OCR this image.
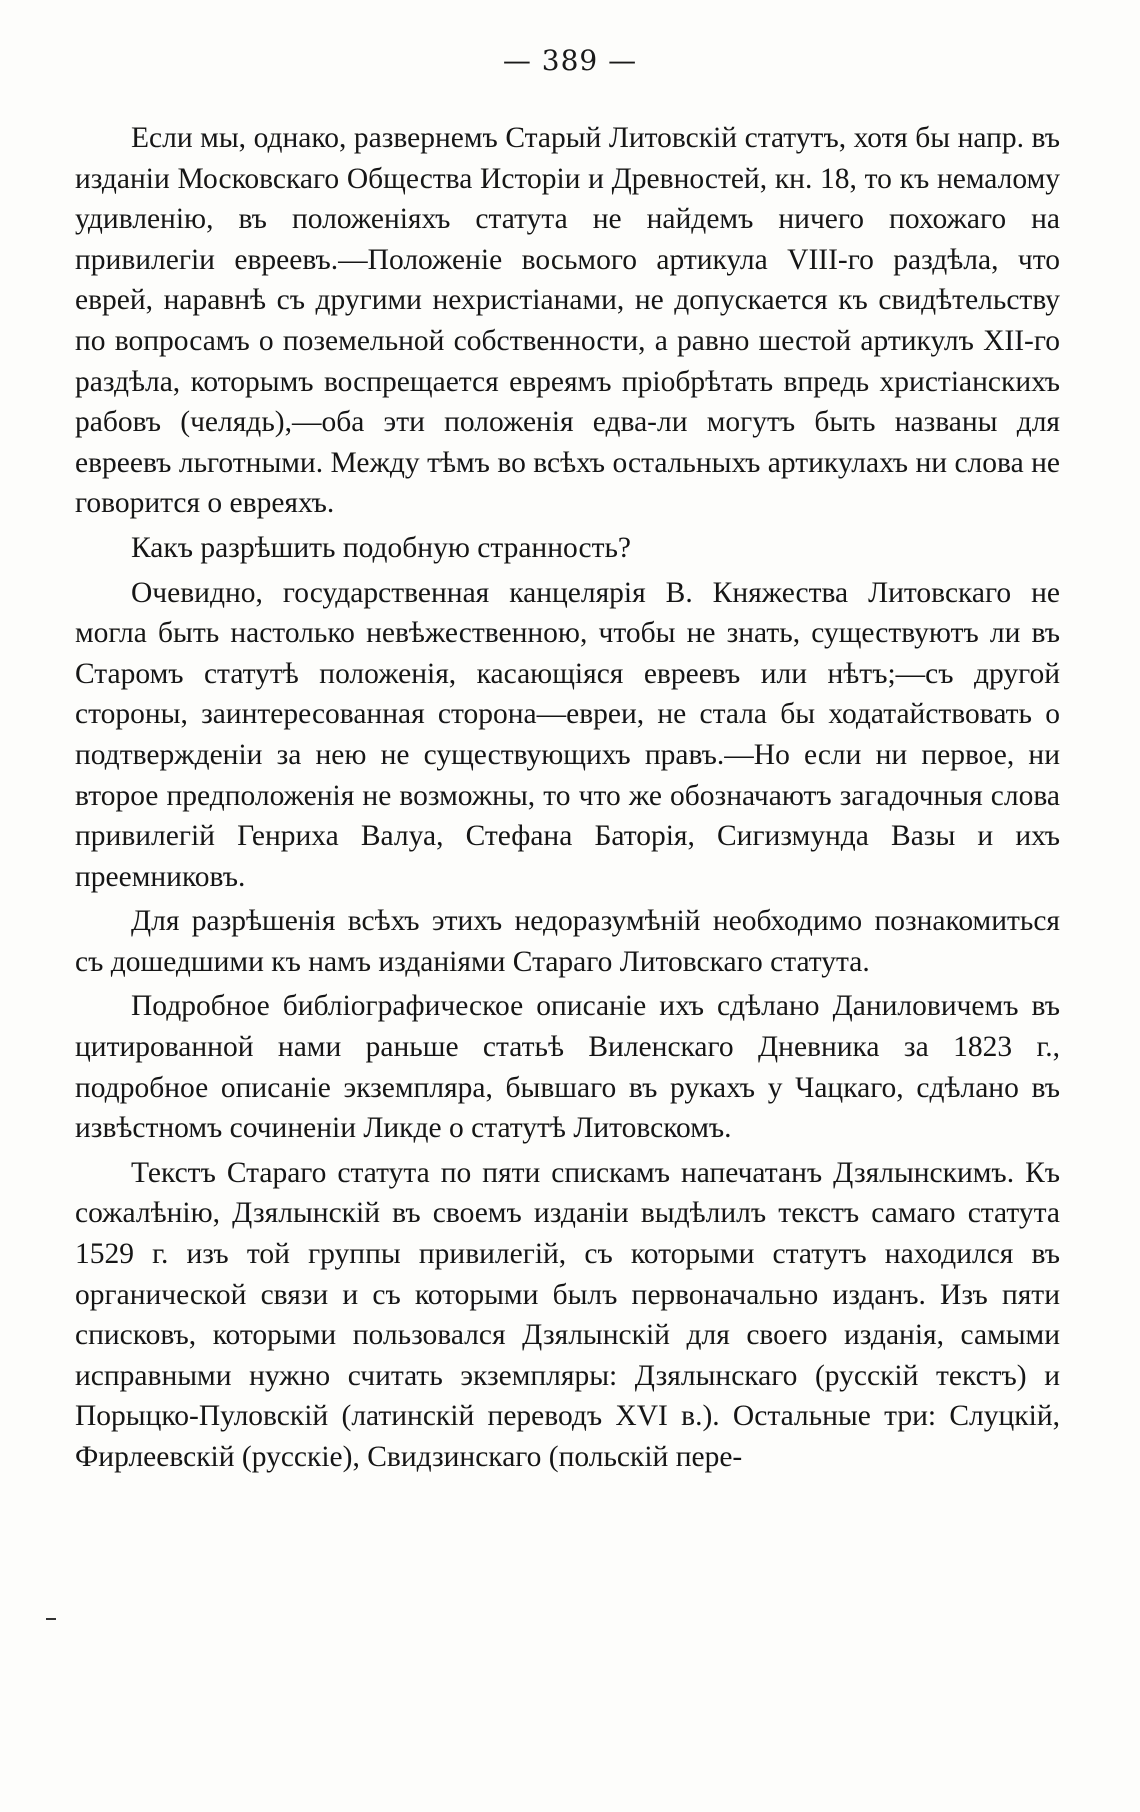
— 389 —

Если мы, однако, развернемъ Старый Литовскій статутъ, хотя бы напр. въ изданіи Московскаго Общества Исторіи и Древностей, кн. 18, то къ немалому удивленію, въ положеніяхъ статута не найдемъ ничего похожаго на привилегіи евреевъ.—Положеніе восьмого артикула VIII-го раздѣла, что еврей, наравнѣ съ другими нехристіанами, не допускается къ свидѣтельству по вопросамъ о поземельной собственности, а равно шестой артикулъ XII-го раздѣла, которымъ воспрещается евреямъ пріобрѣтать впредь христіанскихъ рабовъ (челядь),—оба эти положенія едва-ли могутъ быть названы для евреевъ льготными. Между тѣмъ во всѣхъ остальныхъ артикулахъ ни слова не говорится о евреяхъ.

Какъ разрѣшить подобную странность?

Очевидно, государственная канцелярія В. Княжества Литовскаго не могла быть настолько невѣжественною, чтобы не знать, существуютъ ли въ Старомъ статутѣ положенія, касающіяся евреевъ или нѣтъ;—съ другой стороны, заинтересованная сторона—евреи, не стала бы ходатайствовать о подтвержденіи за нею не существующихъ правъ.—Но если ни первое, ни второе предположенія не возможны, то что же обозначаютъ загадочныя слова привилегій Генриха Валуа, Стефана Баторія, Сигизмунда Вазы и ихъ преемниковъ.

Для разрѣшенія всѣхъ этихъ недоразумѣній необходимо познакомиться съ дошедшими къ намъ изданіями Стараго Литовскаго статута.

Подробное библіографическое описаніе ихъ сдѣлано Даниловичемъ въ цитированной нами раньше статьѣ Виленскаго Дневника за 1823 г., подробное описаніе экземпляра, бывшаго въ рукахъ у Чацкаго, сдѣлано въ извѣстномъ сочиненіи Ликде о статутѣ Литовскомъ.

Текстъ Стараго статута по пяти спискамъ напечатанъ Дзялынскимъ. Къ сожалѣнію, Дзялынскій въ своемъ изданіи выдѣлилъ текстъ самаго статута 1529 г. изъ той группы привилегій, съ которыми статутъ находился въ органической связи и съ которыми былъ первоначально изданъ. Изъ пяти списковъ, которыми пользовался Дзялынскій для своего изданія, самыми исправными нужно считать экземпляры: Дзялынскаго (русскій текстъ) и Порыцко-Пуловскій (латинскій переводъ XVI в.). Остальные три: Слуцкій, Фирлеевскій (русскіе), Свидзинскаго (польскій пере-
